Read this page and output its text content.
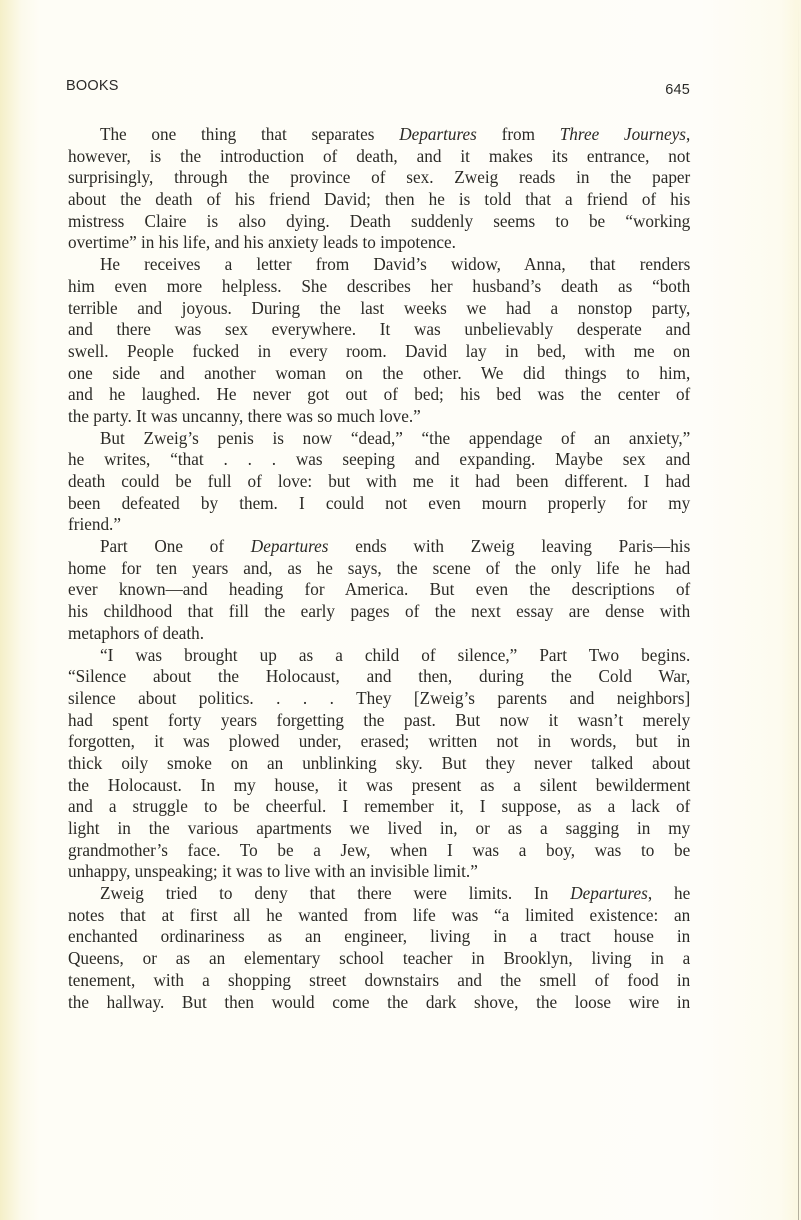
BOOKS	645
The one thing that separates Departures from Three Journeys,
however, is the introduction of death, and it makes its entrance, not
surprisingly, through the province of sex. Zweig reads in the paper
about the death of his friend David; then he is told that a friend of his
mistress Claire is also dying. Death suddenly seems to be “working
overtime” in his life, and his anxiety leads to impotence.
He receives a letter from David’s widow, Anna, that renders
him even more helpless. She describes her husband’s death as “both
terrible and joyous. During the last weeks we had a nonstop party,
and there was sex everywhere. It was unbelievably desperate and
swell. People fucked in every room. David lay in bed, with me on
one side and another woman on the other. We did things to him,
and he laughed. He never got out of bed; his bed was the center of
the party. It was uncanny, there was so much love.”
But Zweig’s penis is now “dead,” “the appendage of an anxiety,”
he writes, “that . . . was seeping and expanding. Maybe sex and
death could be full of love: but with me it had been different. I had
been defeated by them. I could not even mourn properly for my
friend.”
Part One of Departures ends with Zweig leaving Paris—his
home for ten years and, as he says, the scene of the only life he had
ever known—and heading for America. But even the descriptions of
his childhood that fill the early pages of the next essay are dense with
metaphors of death.
“I was brought up as a child of silence,” Part Two begins.
“Silence about the Holocaust, and then, during the Cold War,
silence about politics. . . . They [Zweig’s parents and neighbors]
had spent forty years forgetting the past. But now it wasn’t merely
forgotten, it was plowed under, erased; written not in words, but in
thick oily smoke on an unblinking sky. But they never talked about
the Holocaust. In my house, it was present as a silent bewilderment
and a struggle to be cheerful. I remember it, I suppose, as a lack of
light in the various apartments we lived in, or as a sagging in my
grandmother’s face. To be a Jew, when I was a boy, was to be
unhappy, unspeaking; it was to live with an invisible limit.”
Zweig tried to deny that there were limits. In Departures, he
notes that at first all he wanted from life was “a limited existence: an
enchanted ordinariness as an engineer, living in a tract house in
Queens, or as an elementary school teacher in Brooklyn, living in a
tenement, with a shopping street downstairs and the smell of food in
the hallway. But then would come the dark shove, the loose wire in
